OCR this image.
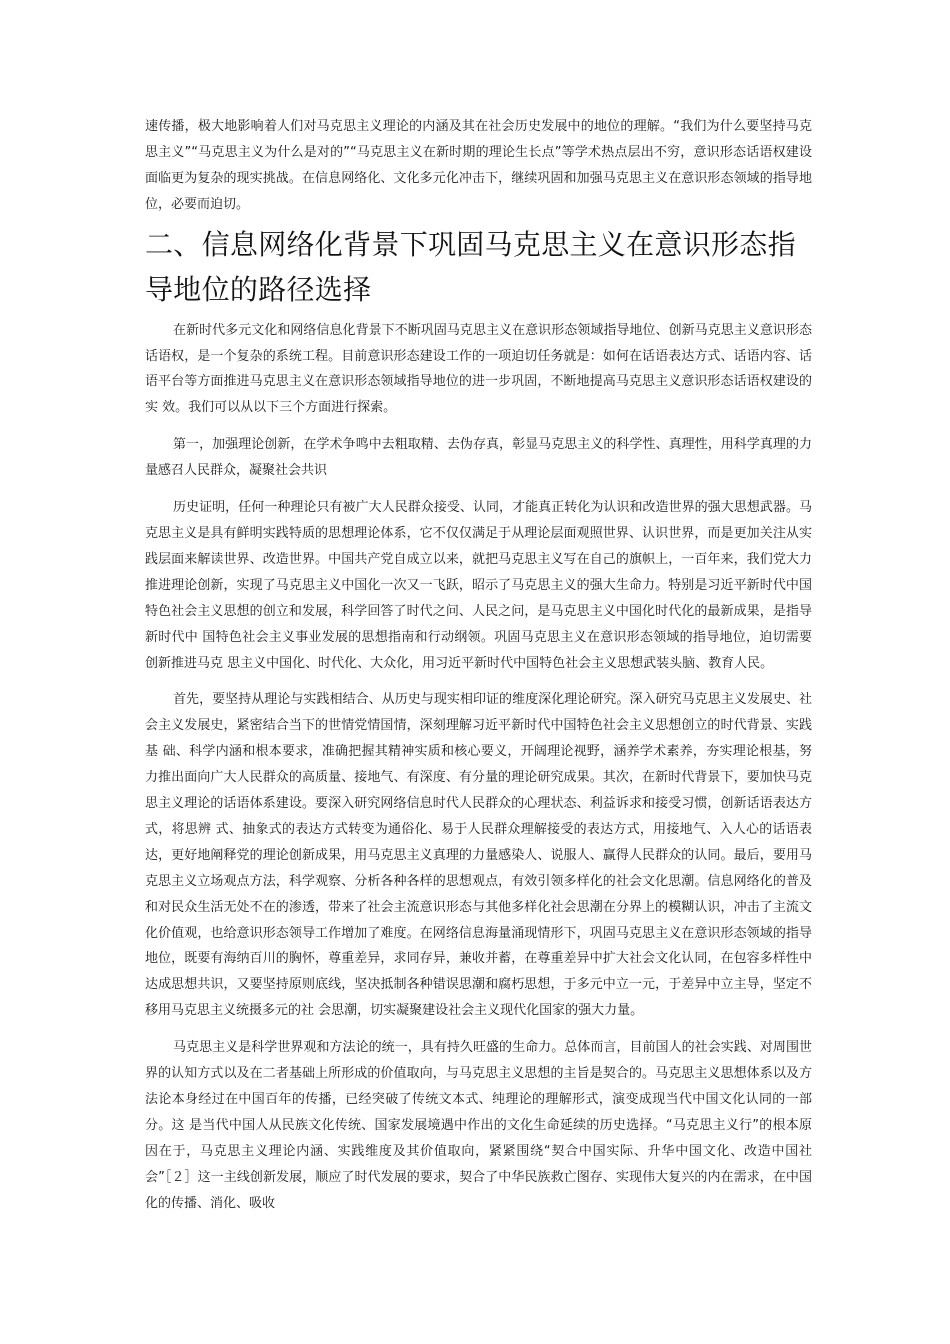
速传播，极大地影响着人们对马克思主义理论的内涵及其在社会历史发展中的地位的理解。“我们为什么要坚持马克思主义”“马克思主义为什么是对的”“马克思主义在新时期的理论生长点”等学术热点层出不穷，意识形态话语权建设面临更为复杂的现实挑战。在信息网络化、文化多元化冲击下，继续巩固和加强马克思主义在意识形态领域的指导地位，必要而迫切。

二、信息网络化背景下巩固马克思主义在意识形态指导地位的路径选择

在新时代多元文化和网络信息化背景下不断巩固马克思主义在意识形态领域指导地位、创新马克思主义意识形态话语权，是一个复杂的系统工程。目前意识形态建设工作的一项迫切任务就是：如何在话语表达方式、话语内容、话语平台等方面推进马克思主义在意识形态领域指导地位的进一步巩固，不断地提高马克思主义意识形态话语权建设的实 效。我们可以从以下三个方面进行探索。

第一，加强理论创新，在学术争鸣中去粗取精、去伪存真，彰显马克思主义的科学性、真理性，用科学真理的力量感召人民群众，凝聚社会共识

历史证明，任何一种理论只有被广大人民群众接受、认同，才能真正转化为认识和改造世界的强大思想武器。马 克思主义是具有鲜明实践特质的思想理论体系，它不仅仅满足于从理论层面观照世界、认识世界，而是更加关注从实践层面来解读世界、改造世界。中国共产党自成立以来，就把马克思主义写在自己的旗帜上，一百年来，我们党大力推进理论创新，实现了马克思主义中国化一次又一飞跃，昭示了马克思主义的强大生命力。特别是习近平新时代中国特色社会主义思想的创立和发展，科学回答了时代之问、人民之问，是马克思主义中国化时代化的最新成果，是指导新时代中 国特色社会主义事业发展的思想指南和行动纲领。巩固马克思主义在意识形态领域的指导地位，迫切需要创新推进马克 思主义中国化、时代化、大众化，用习近平新时代中国特色社会主义思想武装头脑、教育人民。

首先，要坚持从理论与实践相结合、从历史与现实相印证的维度深化理论研究。深入研究马克思主义发展史、社 会主义发展史，紧密结合当下的世情党情国情，深刻理解习近平新时代中国特色社会主义思想创立的时代背景、实践基 础、科学内涵和根本要求，准确把握其精神实质和核心要义，开阔理论视野，涵养学术素养，夯实理论根基，努力推出面向广大人民群众的高质量、接地气、有深度、有分量的理论研究成果。其次，在新时代背景下，要加快马克思主义理论的话语体系建设。要深入研究网络信息时代人民群众的心理状态、利益诉求和接受习惯，创新话语表达方式，将思辨 式、抽象式的表达方式转变为通俗化、易于人民群众理解接受的表达方式，用接地气、入人心的话语表达，更好地阐释党的理论创新成果，用马克思主义真理的力量感染人、说服人、赢得人民群众的认同。最后，要用马克思主义立场观点方法，科学观察、分析各种各样的思想观点，有效引领多样化的社会文化思潮。信息网络化的普及和对民众生活无处不在的渗透，带来了社会主流意识形态与其他多样化社会思潮在分界上的模糊认识，冲击了主流文化价值观，也给意识形态领导工作增加了难度。在网络信息海量涌现情形下，巩固马克思主义在意识形态领域的指导地位，既要有海纳百川的胸怀，尊重差异，求同存异，兼收并蓄，在尊重差异中扩大社会文化认同，在包容多样性中达成思想共识，又要坚持原则底线，坚决抵制各种错误思潮和腐朽思想，于多元中立一元，于差异中立主导，坚定不移用马克思主义统摄多元的社 会思潮，切实凝聚建设社会主义现代化国家的强大力量。

马克思主义是科学世界观和方法论的统一，具有持久旺盛的生命力。总体而言，目前国人的社会实践、对周围世 界的认知方式以及在二者基础上所形成的价值取向，与马克思主义思想的主旨是契合的。马克思主义思想体系以及方法论本身经过在中国百年的传播，已经突破了传统文本式、纯理论的理解形式，演变成现当代中国文化认同的一部分。这 是当代中国人从民族文化传统、国家发展境遇中作出的文化生命延续的历史选择。“马克思主义行”的根本原因在于，马克思主义理论内涵、实践维度及其价值取向，紧紧围绕“契合中国实际、升华中国文化、改造中国社会”［２］这一主线创新发展，顺应了时代发展的要求，契合了中华民族救亡图存、实现伟大复兴的内在需求，在中国化的传播、消化、吸收
